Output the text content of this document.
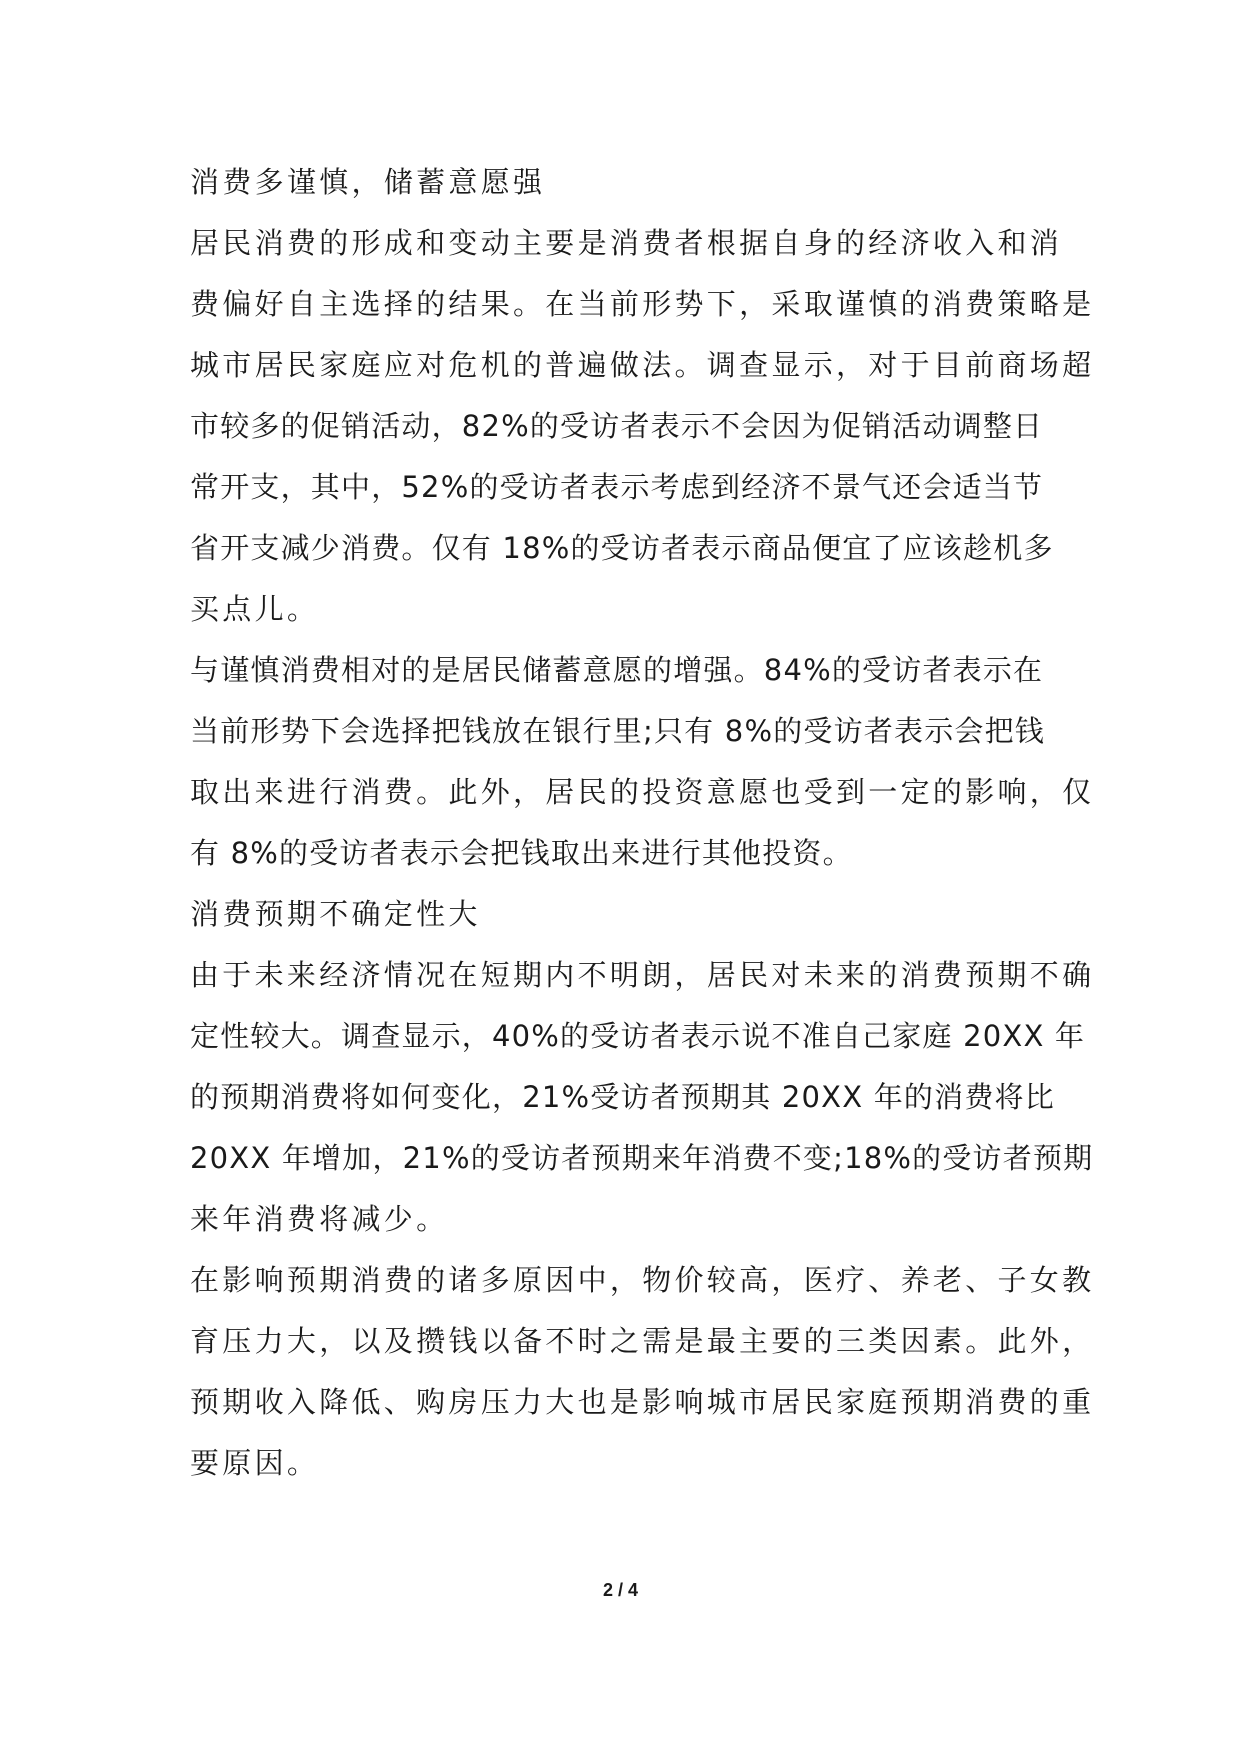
消费多谨慎，储蓄意愿强
居民消费的形成和变动主要是消费者根据自身的经济收入和消
费偏好自主选择的结果。在当前形势下，采取谨慎的消费策略是
城市居民家庭应对危机的普遍做法。调查显示，对于目前商场超
市较多的促销活动，82%的受访者表示不会因为促销活动调整日
常开支，其中，52%的受访者表示考虑到经济不景气还会适当节
省开支减少消费。仅有 18%的受访者表示商品便宜了应该趁机多
买点儿。
与谨慎消费相对的是居民储蓄意愿的增强。84%的受访者表示在
当前形势下会选择把钱放在银行里;只有 8%的受访者表示会把钱
取出来进行消费。此外，居民的投资意愿也受到一定的影响，仅
有 8%的受访者表示会把钱取出来进行其他投资。
消费预期不确定性大
由于未来经济情况在短期内不明朗，居民对未来的消费预期不确
定性较大。调查显示，40%的受访者表示说不准自己家庭 20XX 年
的预期消费将如何变化，21%受访者预期其 20XX 年的消费将比
20XX 年增加，21%的受访者预期来年消费不变;18%的受访者预期
来年消费将减少。
在影响预期消费的诸多原因中，物价较高，医疗、养老、子女教
育压力大，以及攒钱以备不时之需是最主要的三类因素。此外，
预期收入降低、购房压力大也是影响城市居民家庭预期消费的重
要原因。
2 / 4
